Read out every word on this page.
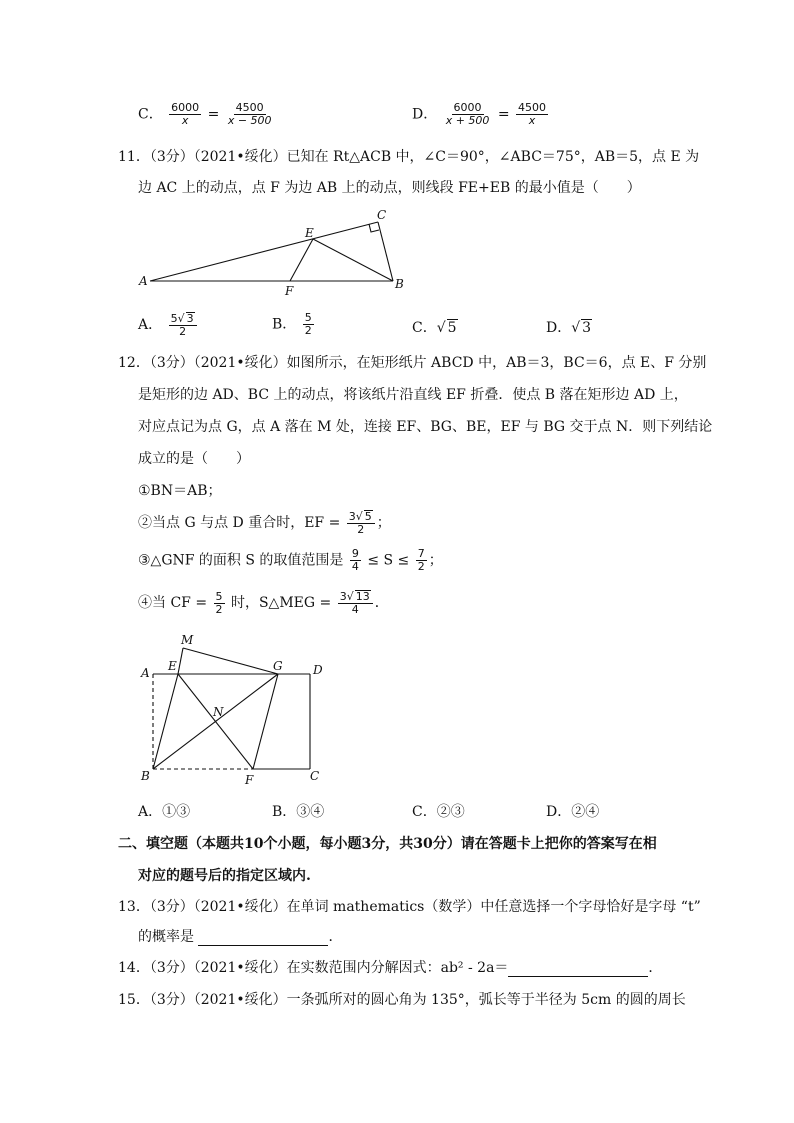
C． $\frac{6000}{x} = \frac{4500}{x - 500}$	D． $\frac{6000}{x + 500} = \frac{4500}{x}$
11．（3分）（2021•绥化）已知在 Rt△ACB 中，∠C＝90°，∠ABC＝75°，AB＝5，点 E 为
边 AC 上的动点，点 F 为边 AB 上的动点，则线段 FE+EB 的最小值是（　　）
A	B
C
E
F
A． $\frac{5√ 3}{2}$	B． $\frac{5}{2}$	C．√ 5	D．√ 3
12．（3分）（2021•绥化）如图所示，在矩形纸片 ABCD 中，AB＝3，BC＝6，点 E、F 分别
是矩形的边 AD、BC 上的动点，将该纸片沿直线 EF 折叠．使点 B 落在矩形边 AD 上，
对应点记为点 G，点 A 落在 M 处，连接 EF、BG、BE，EF 与 BG 交于点 N．则下列结论
成立的是（　　）
①BN＝AB；
②当点 G 与点 D 重合时，EF = $\frac{3√ 5}{2}$ ；
③△GNF 的面积 S 的取值范围是 $\frac{9}{4} \le S \le \frac{7}{2}$ ；
④当 CF = $\frac{5}{2}$ 时，S△MEG = $\frac{3√ 13}{4}$ ．
M
E	G	D
A
N
B	F	C
A．①③	B．③④	C．②③	D．②④
二、填空题（本题共10个小题，每小题3分，共30分）请在答题卡上把你的答案写在相
对应的题号后的指定区域内.
13．（3分）（2021•绥化）在单词 mathematics（数学）中任意选择一个字母恰好是字母 “t”
的概率是	．
14．（3分）（2021•绥化）在实数范围内分解因式：ab² - 2a＝	．
15．（3分）（2021•绥化）一条弧所对的圆心角为 135°，弧长等于半径为 5cm 的圆的周长
